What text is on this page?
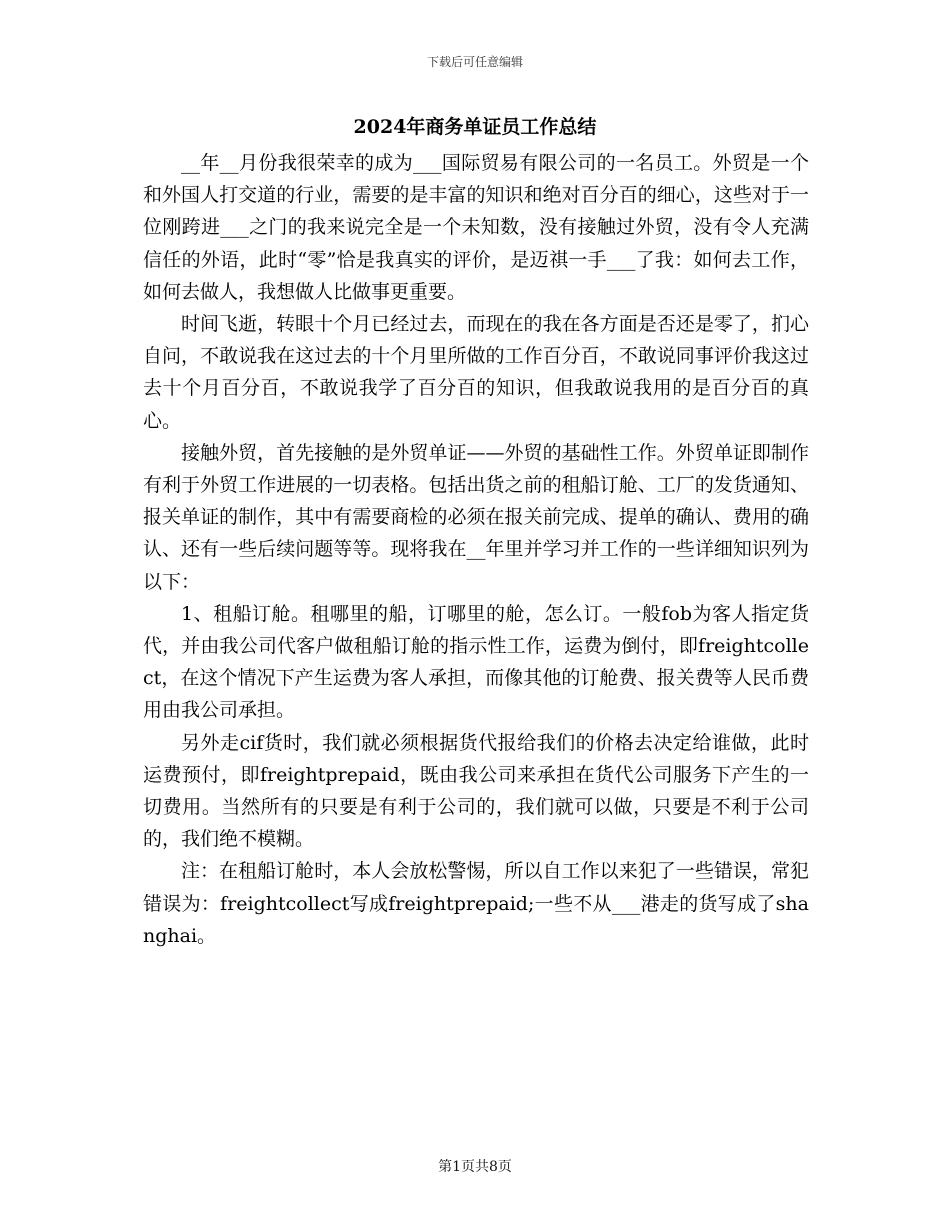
下载后可任意编辑
2024年商务单证员工作总结

__年__月份我很荣幸的成为___国际贸易有限公司的一名员工。外贸是一个和外国人打交道的行业，需要的是丰富的知识和绝对百分百的细心，这些对于一位刚跨进___之门的我来说完全是一个未知数，没有接触过外贸，没有令人充满信任的外语，此时“零”恰是我真实的评价，是迈祺一手___了我：如何去工作，如何去做人，我想做人比做事更重要。

时间飞逝，转眼十个月已经过去，而现在的我在各方面是否还是零了，扪心自问，不敢说我在这过去的十个月里所做的工作百分百，不敢说同事评价我这过去十个月百分百，不敢说我学了百分百的知识，但我敢说我用的是百分百的真心。

接触外贸，首先接触的是外贸单证——外贸的基础性工作。外贸单证即制作有利于外贸工作进展的一切表格。包括出货之前的租船订舱、工厂的发货通知、报关单证的制作，其中有需要商检的必须在报关前完成、提单的确认、费用的确认、还有一些后续问题等等。现将我在__年里并学习并工作的一些详细知识列为以下：

1、租船订舱。租哪里的船，订哪里的舱，怎么订。一般fob为客人指定货代，并由我公司代客户做租船订舱的指示性工作，运费为倒付，即freightcollect，在这个情况下产生运费为客人承担，而像其他的订舱费、报关费等人民币费用由我公司承担。

另外走cif货时，我们就必须根据货代报给我们的价格去决定给谁做，此时运费预付，即freightprepaid，既由我公司来承担在货代公司服务下产生的一切费用。当然所有的只要是有利于公司的，我们就可以做，只要是不利于公司的，我们绝不模糊。

注：在租船订舱时，本人会放松警惕，所以自工作以来犯了一些错误，常犯错误为：freightcollect写成freightprepaid;一些不从___港走的货写成了shanghai。

第1页共8页
